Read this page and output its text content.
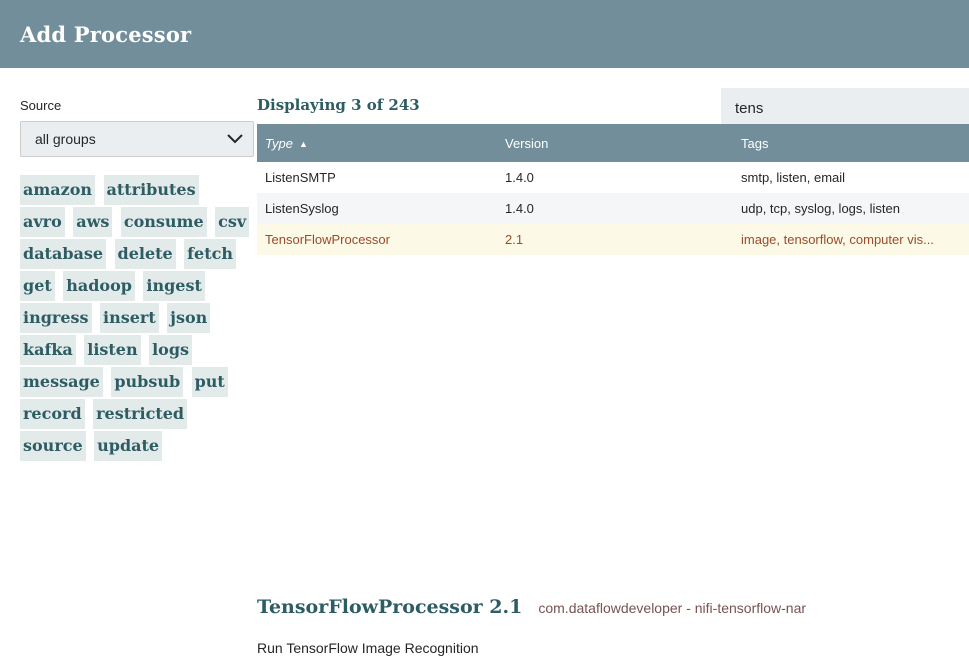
Add Processor
Source
all groups
amazon attributes avro aws consume csv database delete fetch get hadoop ingest ingress insert json kafka listen logs message pubsub put record restricted source update
Displaying 3 of 243
tens
Type ▲	Version	Tags
ListenSMTP	1.4.0	smtp, listen, email
ListenSyslog	1.4.0	udp, tcp, syslog, logs, listen
TensorFlowProcessor	2.1	image, tensorflow, computer vis...
TensorFlowProcessor 2.1 com.dataflowdeveloper - nifi-tensorflow-nar
Run TensorFlow Image Recognition
